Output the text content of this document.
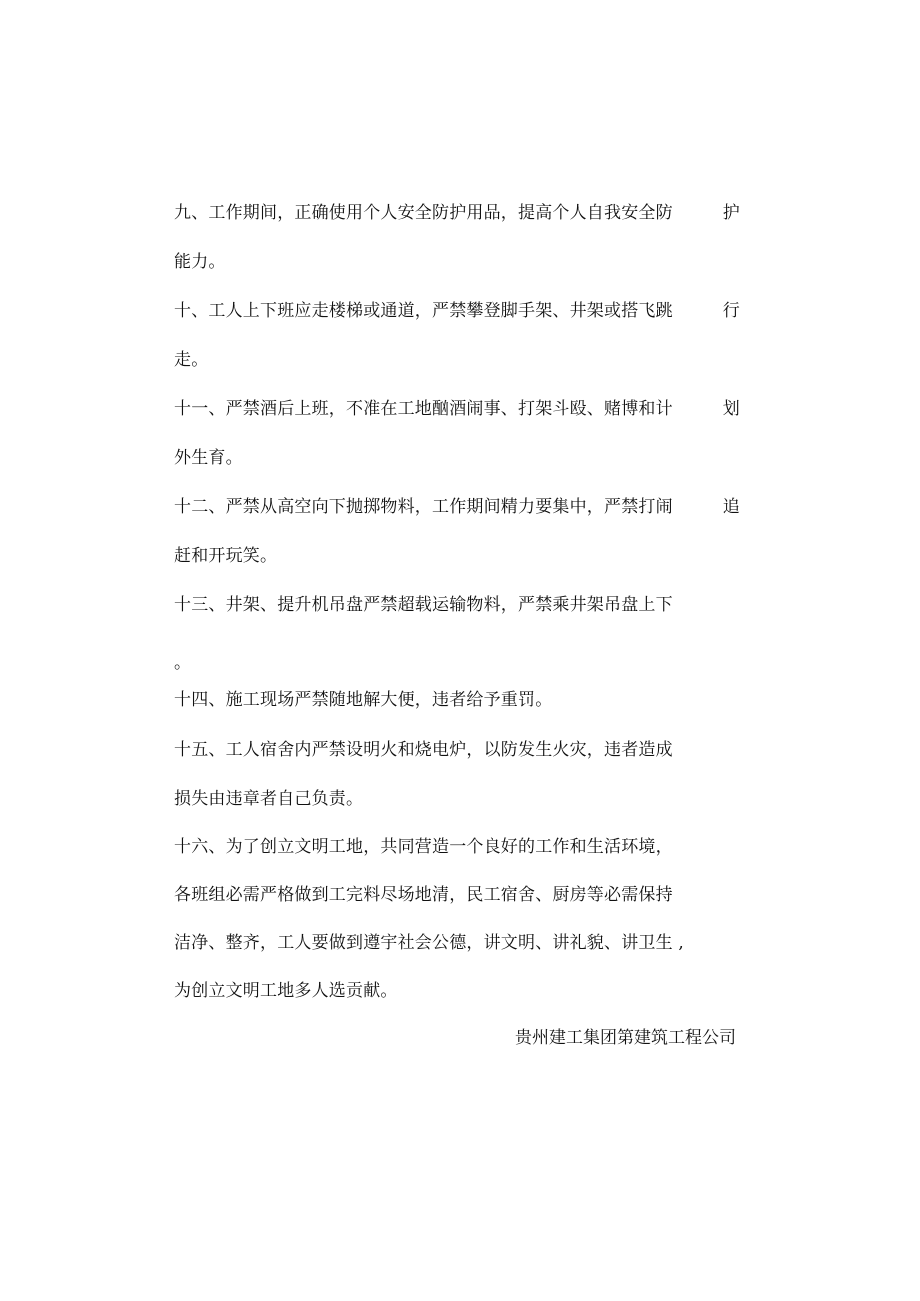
九、工作期间，正确使用个人安全防护用品，提高个人自我安全防	护
能力。
十、工人上下班应走楼梯或通道，严禁攀登脚手架、井架或搭飞跳	行
走。
十一、严禁酒后上班，不准在工地酗酒闹事、打架斗殴、赌博和计	划
外生育。
十二、严禁从高空向下抛掷物料，工作期间精力要集中，严禁打闹	追
赶和开玩笑。
十三、井架、提升机吊盘严禁超载运输物料，严禁乘井架吊盘上下
。
十四、施工现场严禁随地解大便，违者给予重罚。
十五、工人宿舍内严禁设明火和烧电炉，以防发生火灾，违者造成
损失由违章者自己负责。
十六、为了创立文明工地，共同营造一个良好的工作和生活环境，
各班组必需严格做到工完料尽场地清，民工宿舍、厨房等必需保持
洁净、整齐，工人要做到遵宇社会公德，讲文明、讲礼貌、讲卫生 ,
为创立文明工地多人选贡献。
贵州建工集团第建筑工程公司
